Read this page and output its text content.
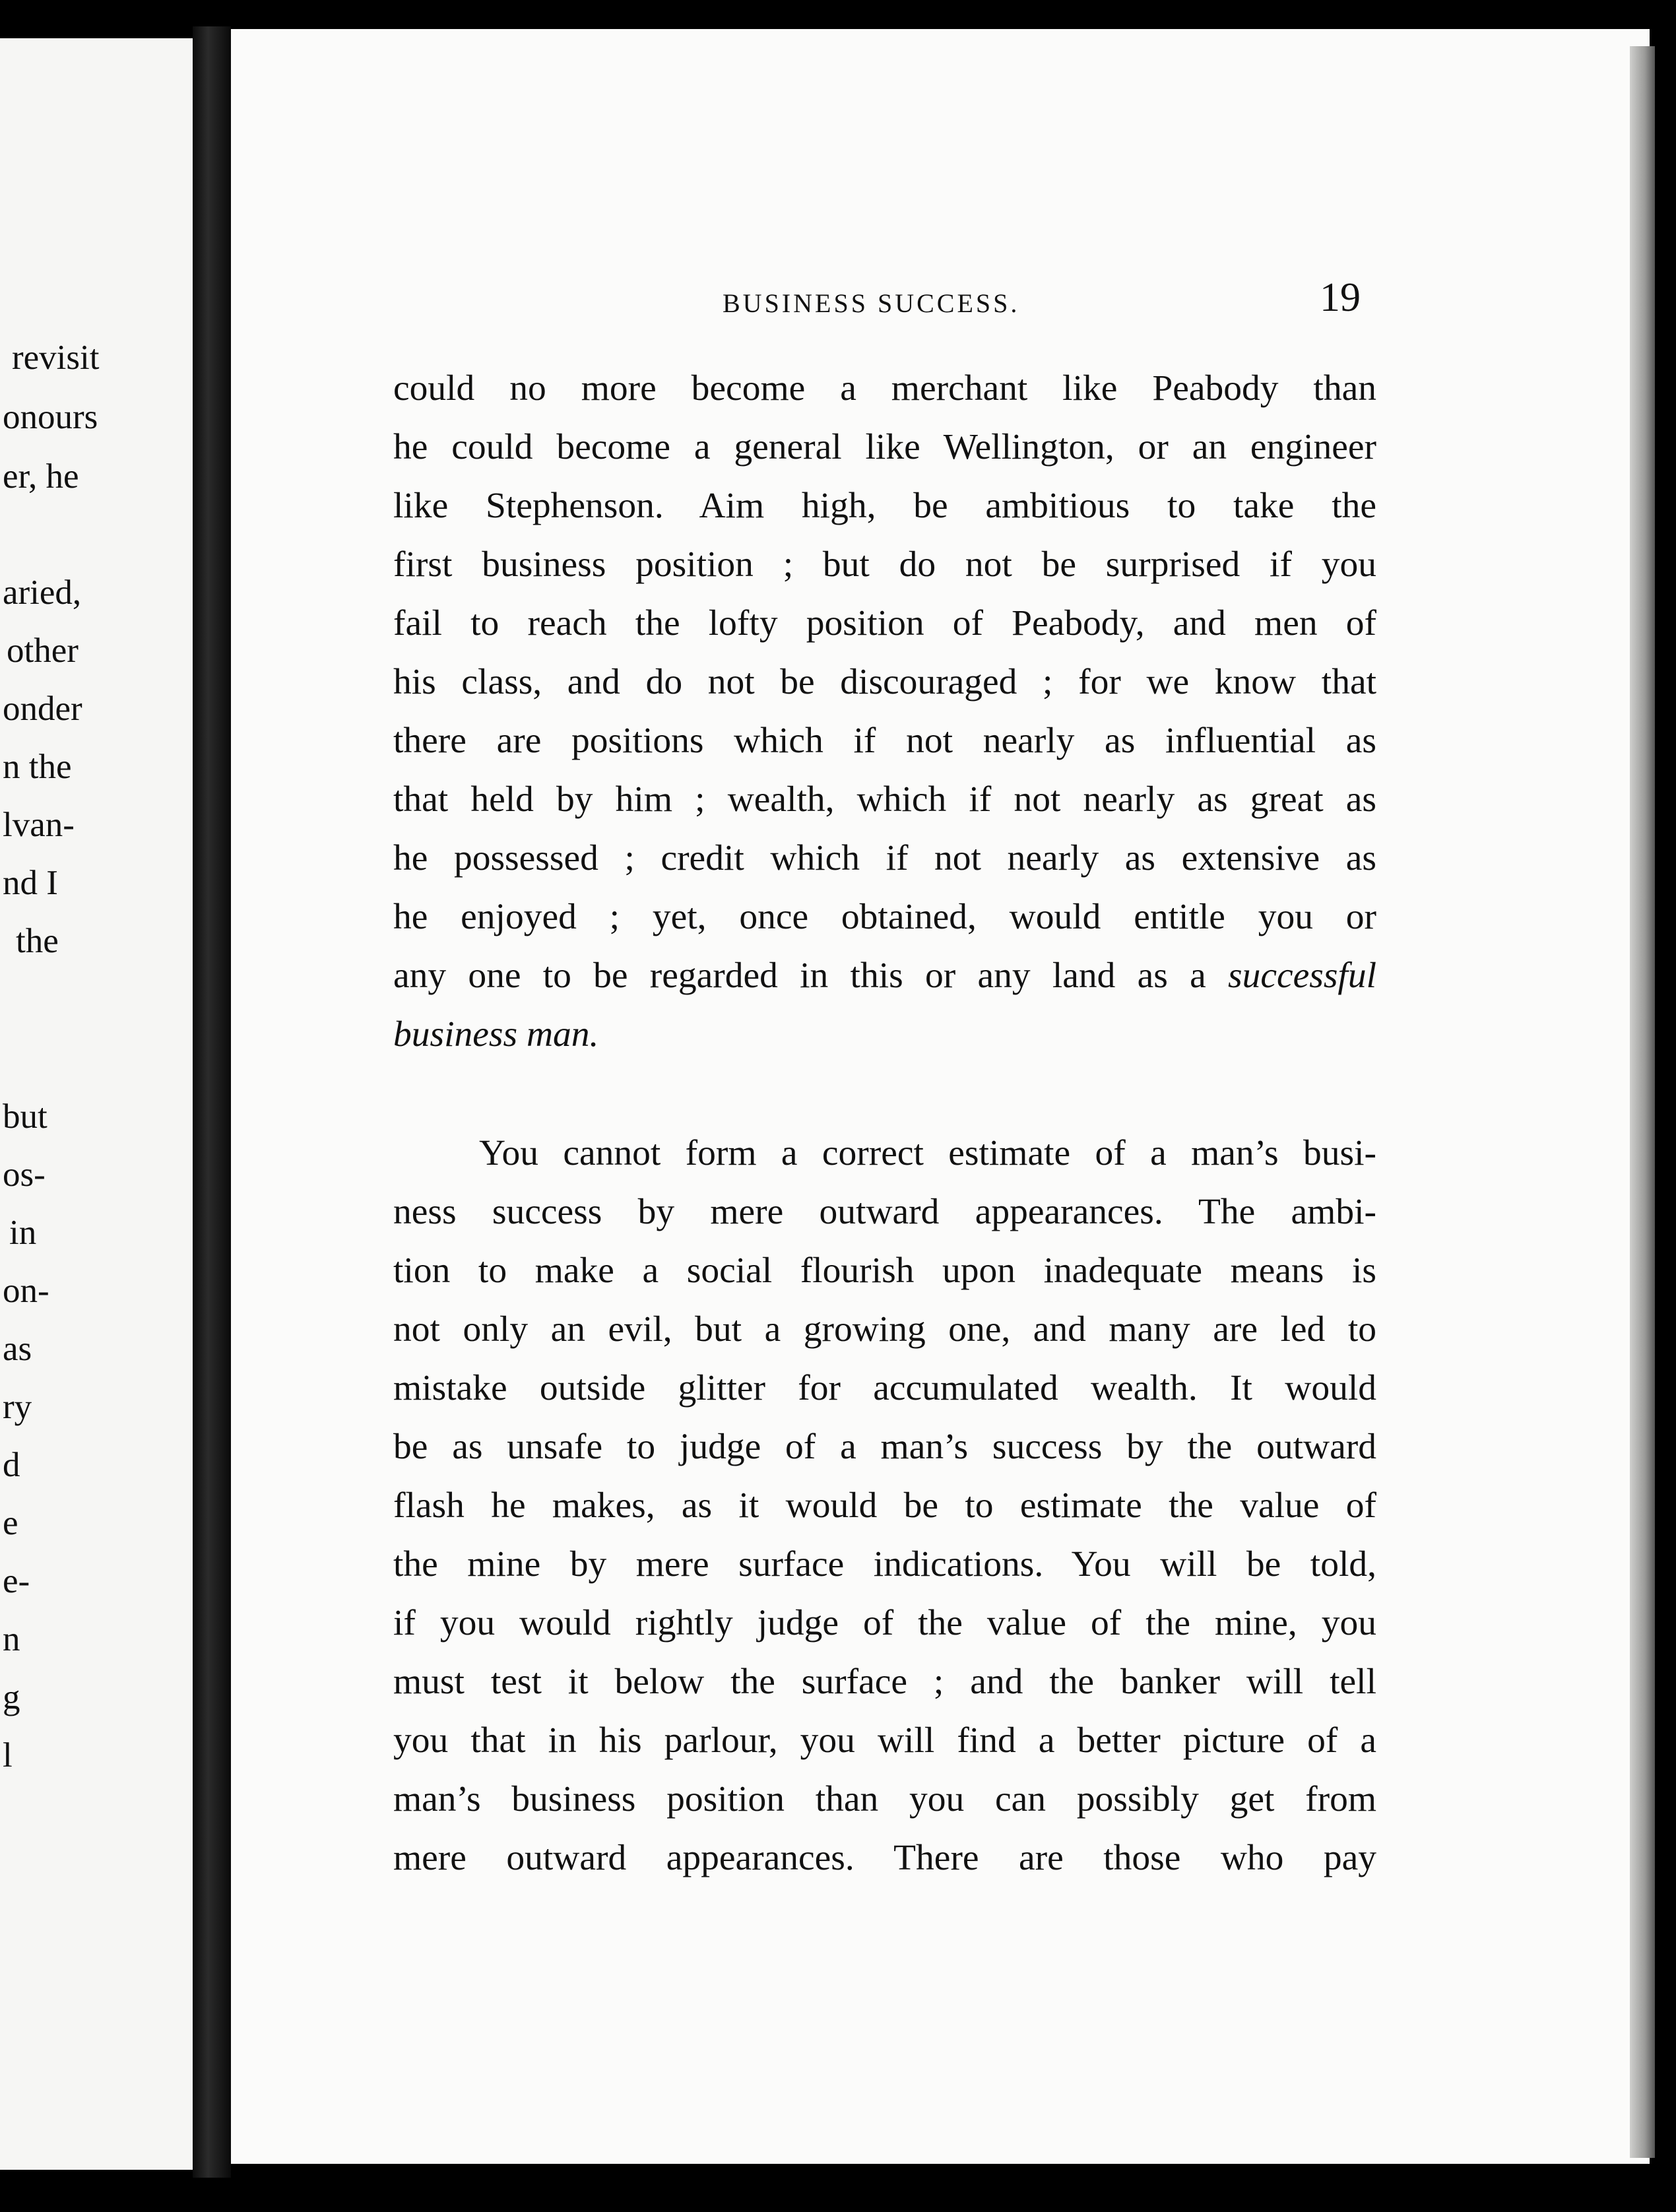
revisit
onours
er, he
aried,
other
onder
n the
lvan-
nd I
the
but
os-
in
on-
as
ry
d
e
e-
n
g
l
BUSINESS SUCCESS.	19
could no more become a merchant like Peabody than
he could become a general like Wellington, or an engineer
like Stephenson. Aim high, be ambitious to take the
first business position ; but do not be surprised if you
fail to reach the lofty position of Peabody, and men of
his class, and do not be discouraged ; for we know that
there are positions which if not nearly as influential as
that held by him ; wealth, which if not nearly as great as
he possessed ; credit which if not nearly as extensive as
he enjoyed ; yet, once obtained, would entitle you or
any one to be regarded in this or any land as a successful
business man.
You cannot form a correct estimate of a man’s busi-
ness success by mere outward appearances. The ambi-
tion to make a social flourish upon inadequate means is
not only an evil, but a growing one, and many are led to
mistake outside glitter for accumulated wealth. It would
be as unsafe to judge of a man’s success by the outward
flash he makes, as it would be to estimate the value of
the mine by mere surface indications. You will be told,
if you would rightly judge of the value of the mine, you
must test it below the surface ; and the banker will tell
you that in his parlour, you will find a better picture of a
man’s business position than you can possibly get from
mere outward appearances. There are those who pay
